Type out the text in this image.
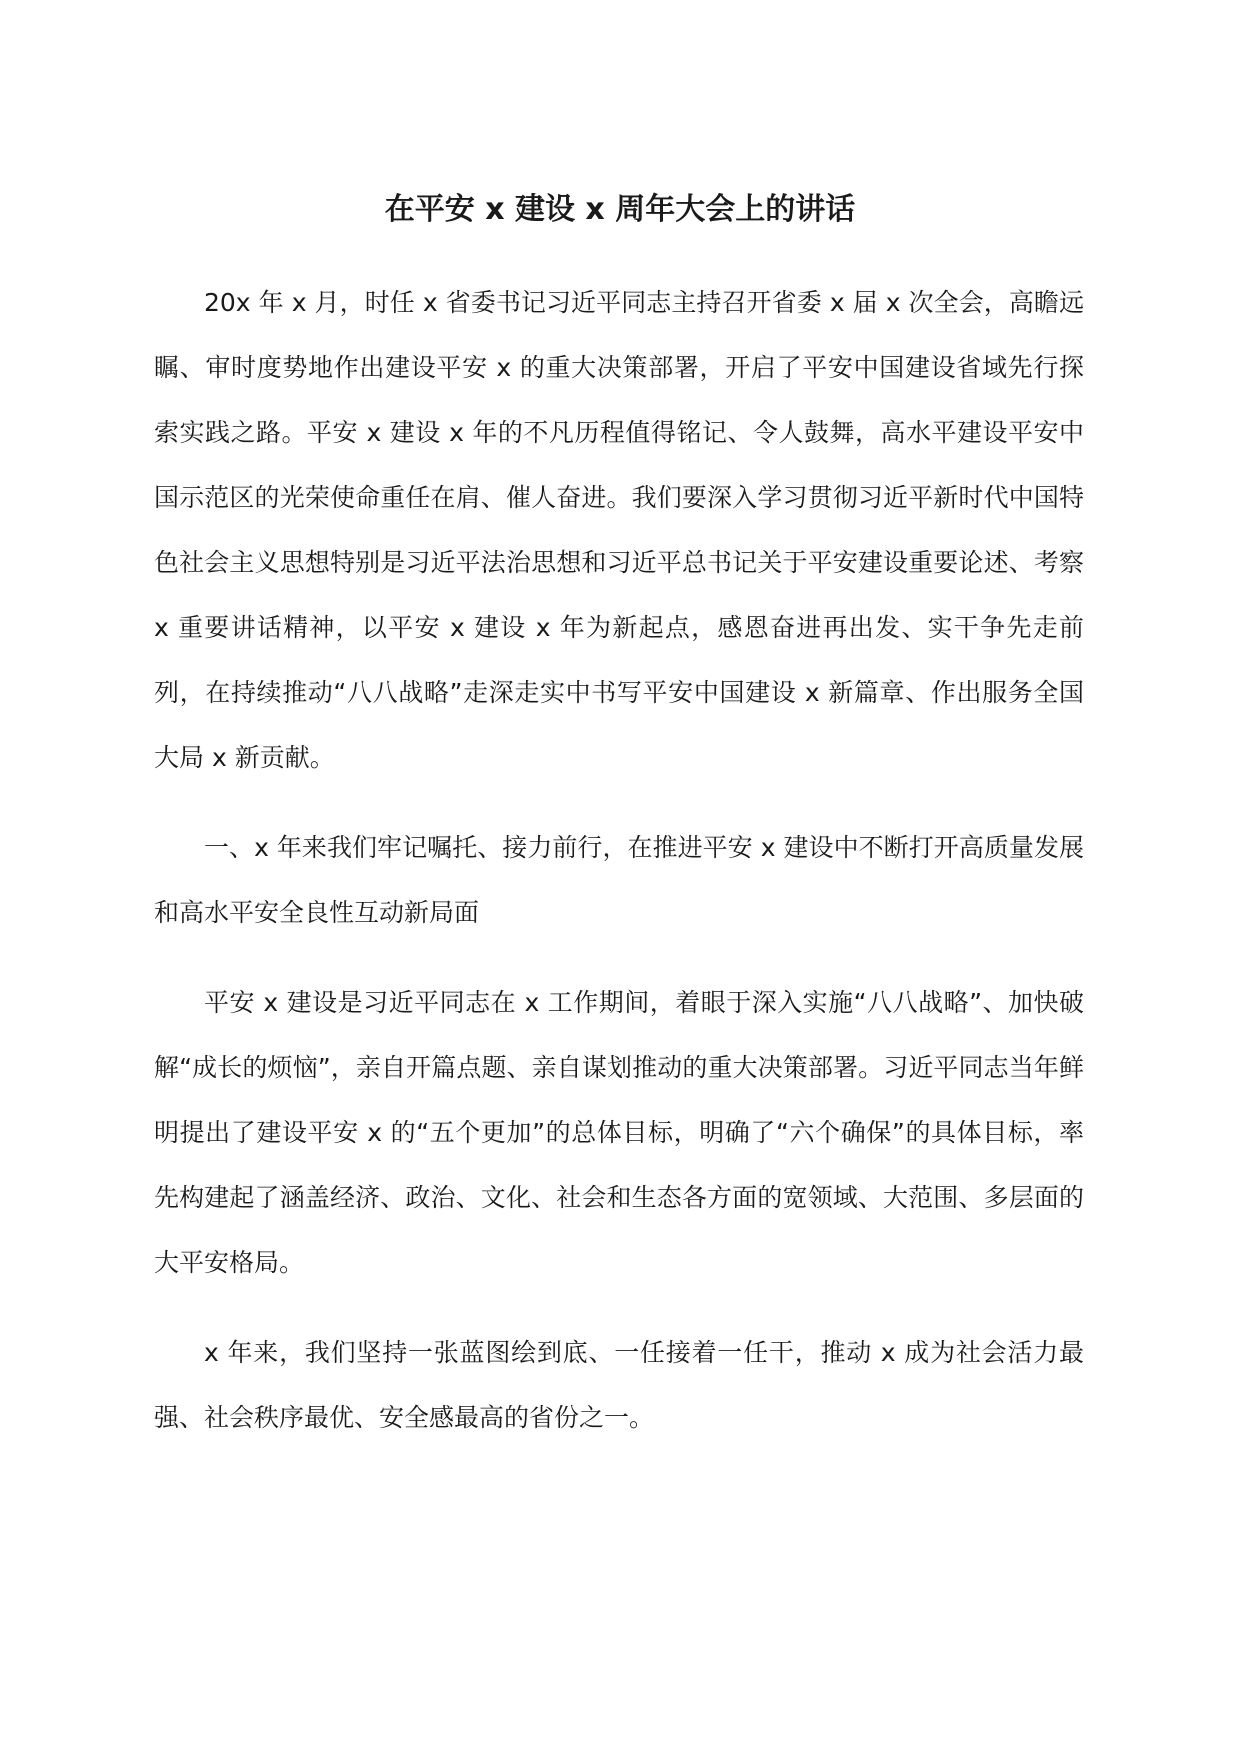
在平安 x 建设 x 周年大会上的讲话

20x 年 x 月，时任 x 省委书记习近平同志主持召开省委 x 届 x 次全会，高瞻远瞩、审时度势地作出建设平安 x 的重大决策部署，开启了平安中国建设省域先行探索实践之路。平安 x 建设 x 年的不凡历程值得铭记、令人鼓舞，高水平建设平安中国示范区的光荣使命重任在肩、催人奋进。我们要深入学习贯彻习近平新时代中国特色社会主义思想特别是习近平法治思想和习近平总书记关于平安建设重要论述、考察 x 重要讲话精神，以平安 x 建设 x 年为新起点，感恩奋进再出发、实干争先走前列，在持续推动“八八战略”走深走实中书写平安中国建设 x 新篇章、作出服务全国大局 x 新贡献。

一、x 年来我们牢记嘱托、接力前行，在推进平安 x 建设中不断打开高质量发展和高水平安全良性互动新局面

平安 x 建设是习近平同志在 x 工作期间，着眼于深入实施“八八战略”、加快破解“成长的烦恼”，亲自开篇点题、亲自谋划推动的重大决策部署。习近平同志当年鲜明提出了建设平安 x 的“五个更加”的总体目标，明确了“六个确保”的具体目标，率先构建起了涵盖经济、政治、文化、社会和生态各方面的宽领域、大范围、多层面的大平安格局。

x 年来，我们坚持一张蓝图绘到底、一任接着一任干，推动 x 成为社会活力最强、社会秩序最优、安全感最高的省份之一。
